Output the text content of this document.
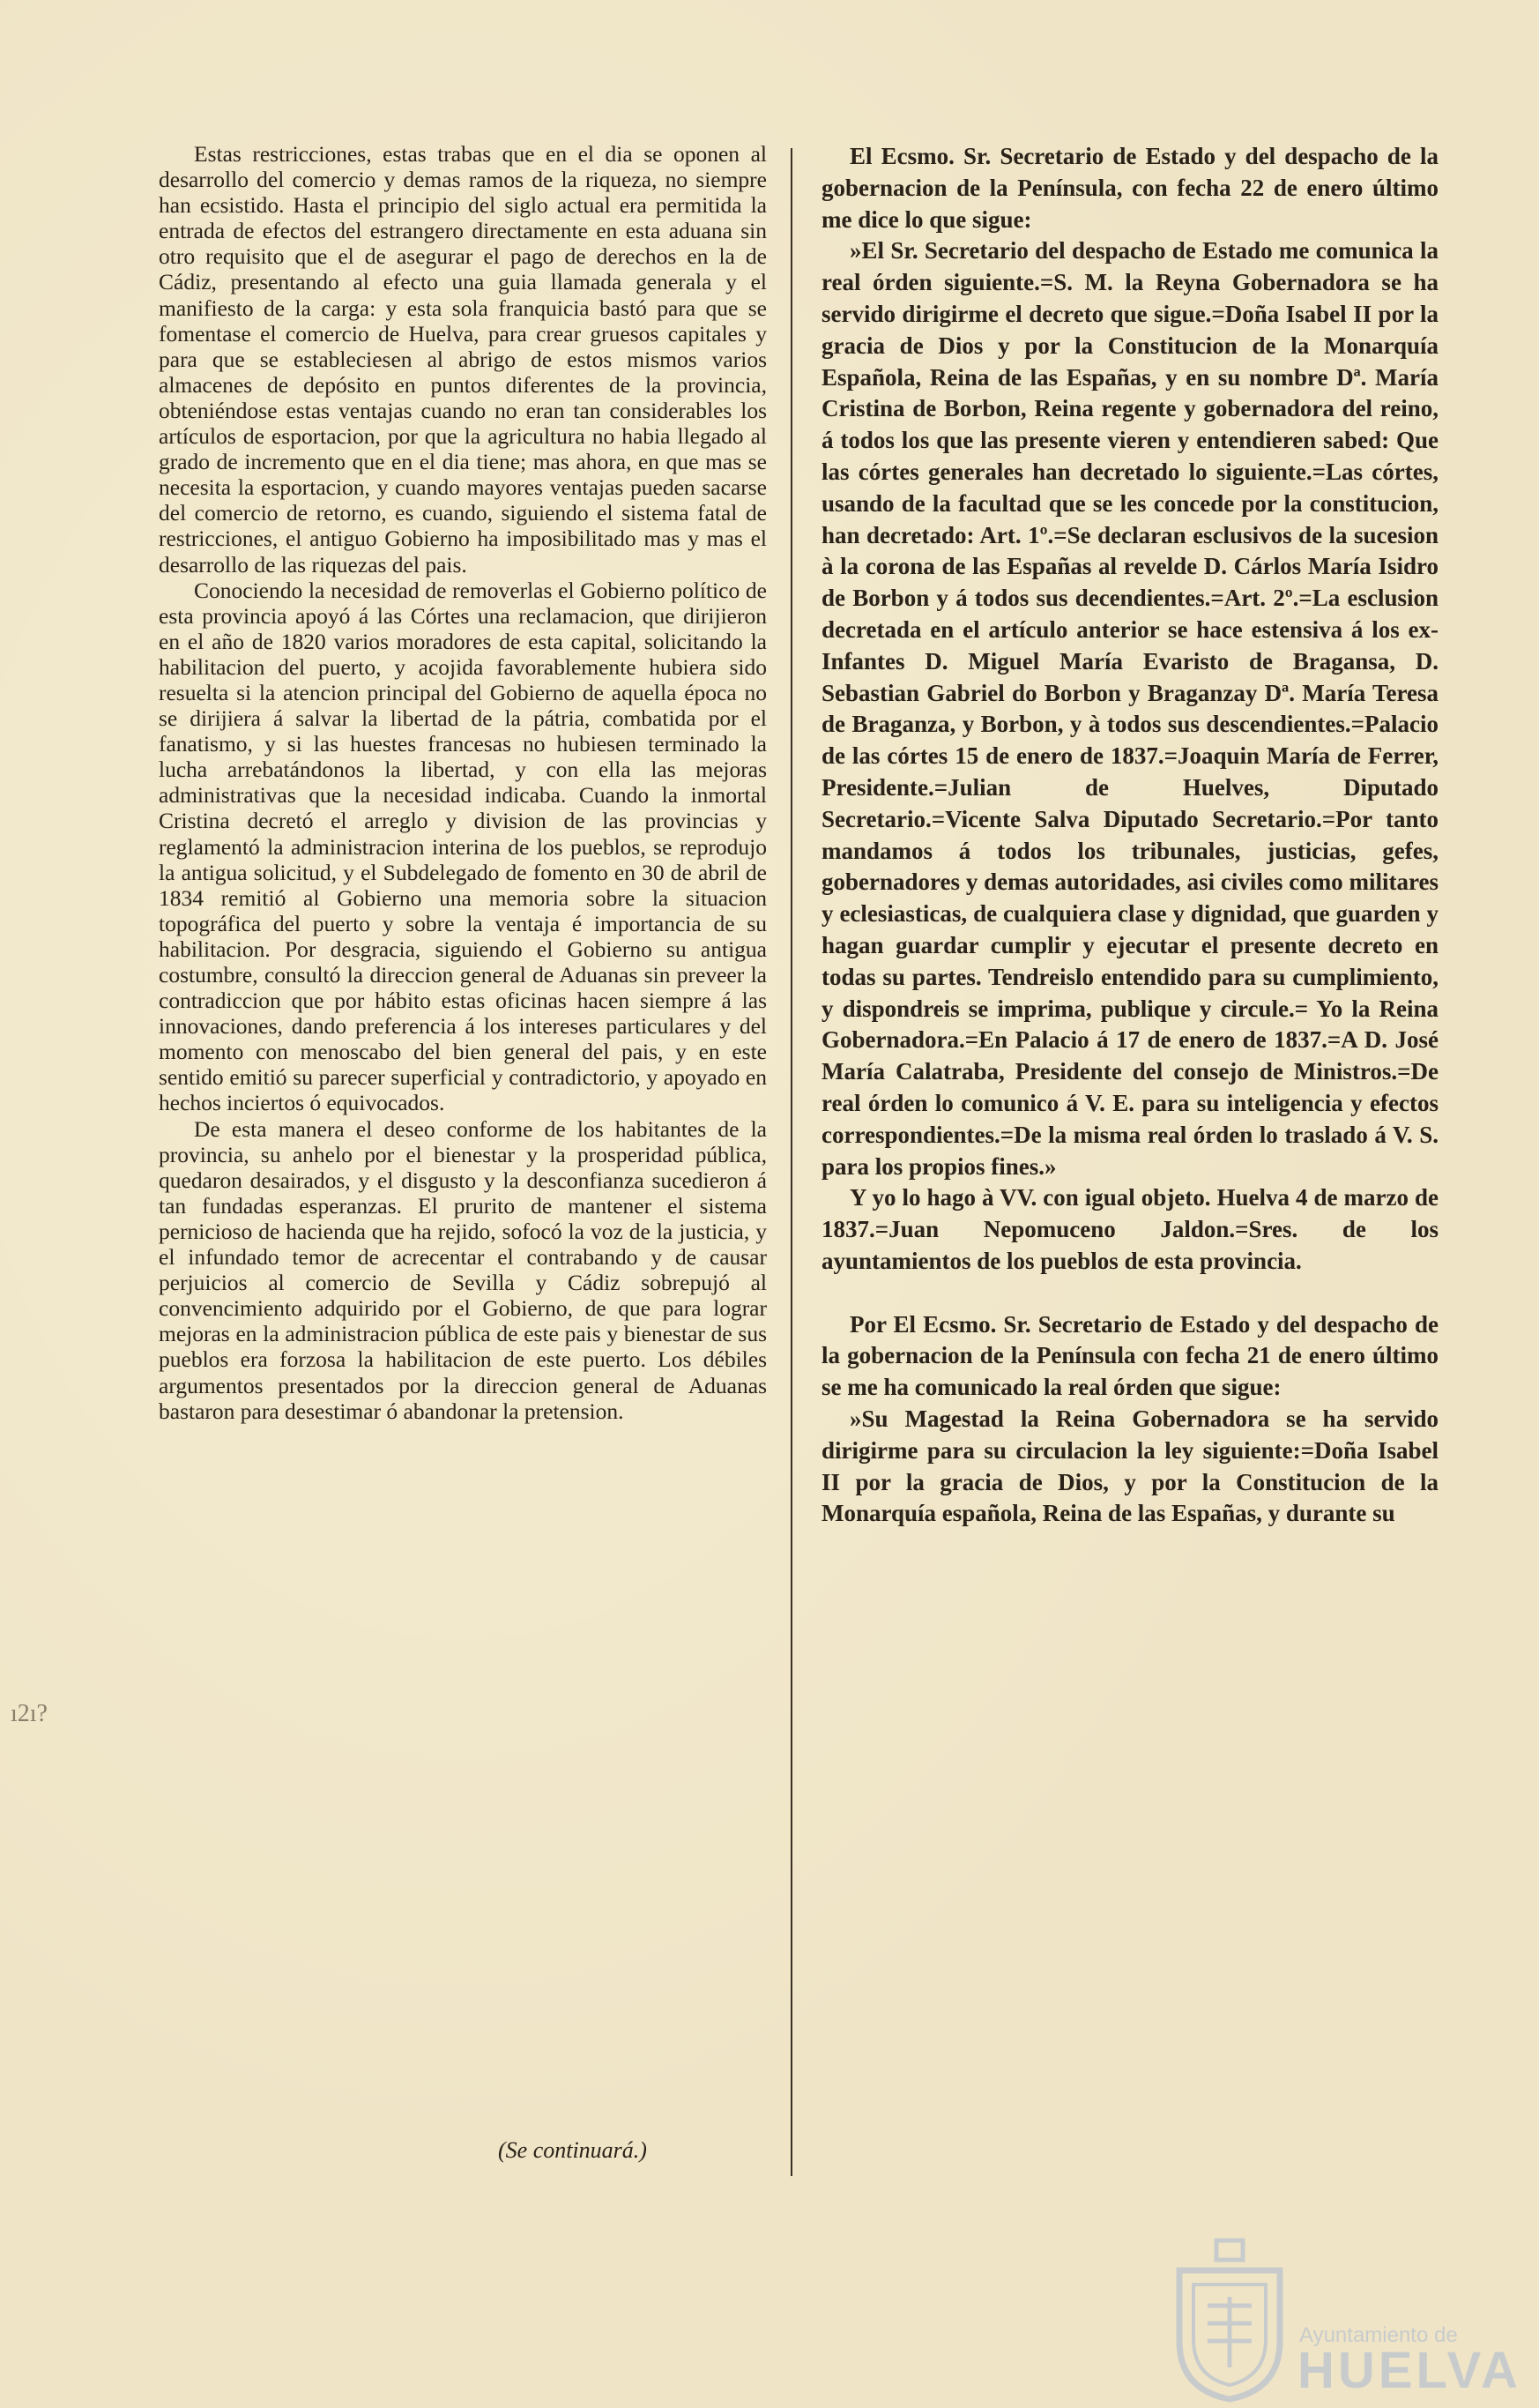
Estas restricciones, estas trabas que en el dia se oponen al desarrollo del comercio y demas ramos de la riqueza, no siempre han ecsistido. Hasta el principio del siglo actual era permitida la entrada de efectos del estrangero directamente en esta aduana sin otro requisito que el de asegurar el pago de derechos en la de Cádiz, presentando al efecto una guia llamada generala y el manifiesto de la carga: y esta sola franquicia bastó para que se fomentase el comercio de Huelva, para crear gruesos capitales y para que se estableciesen al abrigo de estos mismos varios almacenes de depósito en puntos diferentes de la provincia, obteniéndose estas ventajas cuando no eran tan considerables los artículos de esportacion, por que la agricultura no habia llegado al grado de incremento que en el dia tiene; mas ahora, en que mas se necesita la esportacion, y cuando mayores ventajas pueden sacarse del comercio de retorno, es cuando, siguiendo el sistema fatal de restricciones, el antiguo Gobierno ha imposibilitado mas y mas el desarrollo de las riquezas del pais.

Conociendo la necesidad de removerlas el Gobierno político de esta provincia apoyó á las Córtes una reclamacion, que dirijieron en el año de 1820 varios moradores de esta capital, solicitando la habilitacion del puerto, y acojida favorablemente hubiera sido resuelta si la atencion principal del Gobierno de aquella época no se dirijiera á salvar la libertad de la pátria, combatida por el fanatismo, y si las huestes francesas no hubiesen terminado la lucha arrebatándonos la libertad, y con ella las mejoras administrativas que la necesidad indicaba. Cuando la inmortal Cristina decretó el arreglo y division de las provincias y reglamentó la administracion interina de los pueblos, se reprodujo la antigua solicitud, y el Subdelegado de fomento en 30 de abril de 1834 remitió al Gobierno una memoria sobre la situacion topográfica del puerto y sobre la ventaja é importancia de su habilitacion. Por desgracia, siguiendo el Gobierno su antigua costumbre, consultó la direccion general de Aduanas sin preveer la contradiccion que por hábito estas oficinas hacen siempre á las innovaciones, dando preferencia á los intereses particulares y del momento con menoscabo del bien general del pais, y en este sentido emitió su parecer superficial y contradictorio, y apoyado en hechos inciertos ó equivocados.

De esta manera el deseo conforme de los habitantes de la provincia, su anhelo por el bienestar y la prosperidad pública, quedaron desairados, y el disgusto y la desconfianza sucedieron á tan fundadas esperanzas. El prurito de mantener el sistema pernicioso de hacienda que ha rejido, sofocó la voz de la justicia, y el infundado temor de acrecentar el contrabando y de causar perjuicios al comercio de Sevilla y Cádiz sobrepujó al convencimiento adquirido por el Gobierno, de que para lograr mejoras en la administracion pública de este pais y bienestar de sus pueblos era forzosa la habilitacion de este puerto. Los débiles argumentos presentados por la direccion general de Aduanas bastaron para desestimar ó abandonar la pretension.

El Ecsmo. Sr. Secretario de Estado y del despacho de la gobernacion de la Península, con fecha 22 de enero último me dice lo que sigue:

»El Sr. Secretario del despacho de Estado me comunica la real órden siguiente.=S. M. la Reyna Gobernadora se ha servido dirigirme el decreto que sigue.=Doña Isabel II por la gracia de Dios y por la Constitucion de la Monarquía Española, Reina de las Españas, y en su nombre Dª. María Cristina de Borbon, Reina regente y gobernadora del reino, á todos los que las presente vieren y entendieren sabed: Que las córtes generales han decretado lo siguiente.=Las córtes, usando de la facultad que se les concede por la constitucion, han decretado: Art. 1º.=Se declaran esclusivos de la sucesion à la corona de las Españas al revelde D. Cárlos María Isidro de Borbon y á todos sus decendientes.=Art. 2º.=La esclusion decretada en el artículo anterior se hace estensiva á los ex-Infantes D. Miguel María Evaristo de Bragansa, D. Sebastian Gabriel do Borbon y Braganzay Dª. María Teresa de Braganza, y Borbon, y à todos sus descendientes.=Palacio de las córtes 15 de enero de 1837.=Joaquin María de Ferrer, Presidente.=Julian de Huelves, Diputado Secretario.=Vicente Salva Diputado Secretario.=Por tanto mandamos á todos los tribunales, justicias, gefes, gobernadores y demas autoridades, asi civiles como militares y eclesiasticas, de cualquiera clase y dignidad, que guarden y hagan guardar cumplir y ejecutar el presente decreto en todas su partes. Tendreislo entendido para su cumplimiento, y dispondreis se imprima, publique y circule.= Yo la Reina Gobernadora.=En Palacio á 17 de enero de 1837.=A D. José María Calatraba, Presidente del consejo de Ministros.=De real órden lo comunico á V. E. para su inteligencia y efectos correspondientes.=De la misma real órden lo traslado á V. S. para los propios fines.»

Y yo lo hago à VV. con igual objeto. Huelva 4 de marzo de 1837.=Juan Nepomuceno Jaldon.=Sres. de los ayuntamientos de los pueblos de esta provincia.

Por El Ecsmo. Sr. Secretario de Estado y del despacho de la gobernacion de la Península con fecha 21 de enero último se me ha comunicado la real órden que sigue:

»Su Magestad la Reina Gobernadora se ha servido dirigirme para su circulacion la ley siguiente:=Doña Isabel II por la gracia de Dios, y por la Constitucion de la Monarquía española, Reina de las Españas, y durante su

(Se continuará.)
ı2ı?
Ayuntamiento de
HUELVA
